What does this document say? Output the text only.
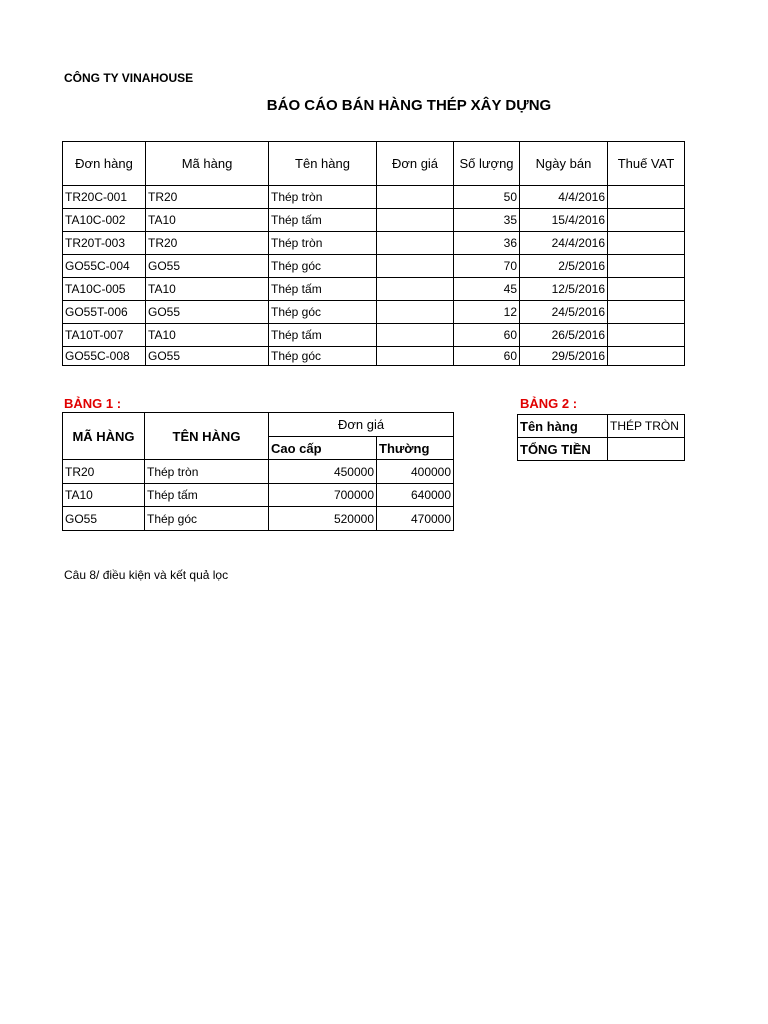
CÔNG TY VINAHOUSE
BÁO CÁO BÁN HÀNG THÉP XÂY DỰNG
Đơn hàng	Mã hàng	Tên hàng	Đơn giá	Số lượng	Ngày bán	Thuế VAT
TR20C-001	TR20	Thép tròn		50	4/4/2016	
TA10C-002	TA10	Thép tấm		35	15/4/2016	
TR20T-003	TR20	Thép tròn		36	24/4/2016	
GO55C-004	GO55	Thép góc		70	2/5/2016	
TA10C-005	TA10	Thép tấm		45	12/5/2016	
GO55T-006	GO55	Thép góc		12	24/5/2016	
TA10T-007	TA10	Thép tấm		60	26/5/2016	
GO55C-008	GO55	Thép góc		60	29/5/2016	
BẢNG 1 :
MÃ HÀNG	TÊN HÀNG	Đơn giá	
		Cao cấp	Thường
TR20	Thép tròn	450000	400000
TA10	Thép tấm	700000	640000
GO55	Thép góc	520000	470000
BẢNG 2 :
Tên hàng	THÉP TRÒN
TỔNG TIỀN	
Câu 8/ điều kiện và kết quả lọc
